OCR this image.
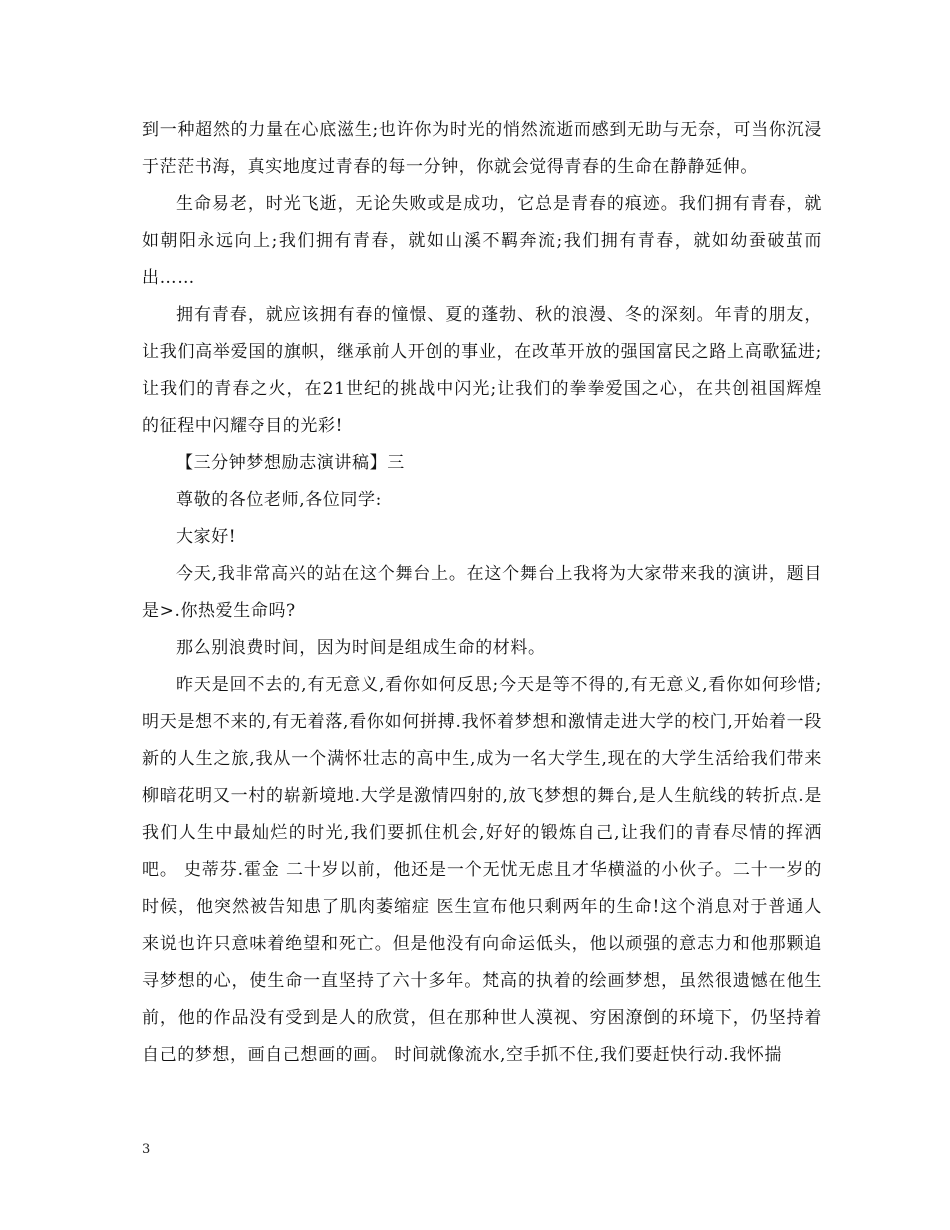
到一种超然的力量在心底滋生;也许你为时光的悄然流逝而感到无助与无奈，可当你沉浸于茫茫书海，真实地度过青春的每一分钟，你就会觉得青春的生命在静静延伸。

生命易老，时光飞逝，无论失败或是成功，它总是青春的痕迹。我们拥有青春，就如朝阳永远向上;我们拥有青春，就如山溪不羁奔流;我们拥有青春，就如幼蚕破茧而出……

拥有青春，就应该拥有春的憧憬、夏的蓬勃、秋的浪漫、冬的深刻。年青的朋友，让我们高举爱国的旗帜，继承前人开创的事业，在改革开放的强国富民之路上高歌猛进;让我们的青春之火，在21世纪的挑战中闪光;让我们的拳拳爱国之心，在共创祖国辉煌的征程中闪耀夺目的光彩!

【三分钟梦想励志演讲稿】三

尊敬的各位老师,各位同学:

大家好!

今天,我非常高兴的站在这个舞台上。在这个舞台上我将为大家带来我的演讲，题目是>.你热爱生命吗?

那么别浪费时间，因为时间是组成生命的材料。

昨天是回不去的,有无意义,看你如何反思;今天是等不得的,有无意义,看你如何珍惜;明天是想不来的,有无着落,看你如何拼搏.我怀着梦想和激情走进大学的校门,开始着一段新的人生之旅,我从一个满怀壮志的高中生,成为一名大学生,现在的大学生活给我们带来柳暗花明又一村的崭新境地.大学是激情四射的,放飞梦想的舞台,是人生航线的转折点.是我们人生中最灿烂的时光,我们要抓住机会,好好的锻炼自己,让我们的青春尽情的挥洒吧。 史蒂芬.霍金 二十岁以前，他还是一个无忧无虑且才华横溢的小伙子。二十一岁的时候，他突然被告知患了肌肉萎缩症 医生宣布他只剩两年的生命!这个消息对于普通人来说也许只意味着绝望和死亡。但是他没有向命运低头，他以顽强的意志力和他那颗追寻梦想的心，使生命一直坚持了六十多年。梵高的执着的绘画梦想，虽然很遗憾在他生前，他的作品没有受到是人的欣赏，但在那种世人漠视、穷困潦倒的环境下，仍坚持着自己的梦想，画自己想画的画。 时间就像流水,空手抓不住,我们要赶快行动.我怀揣

3
